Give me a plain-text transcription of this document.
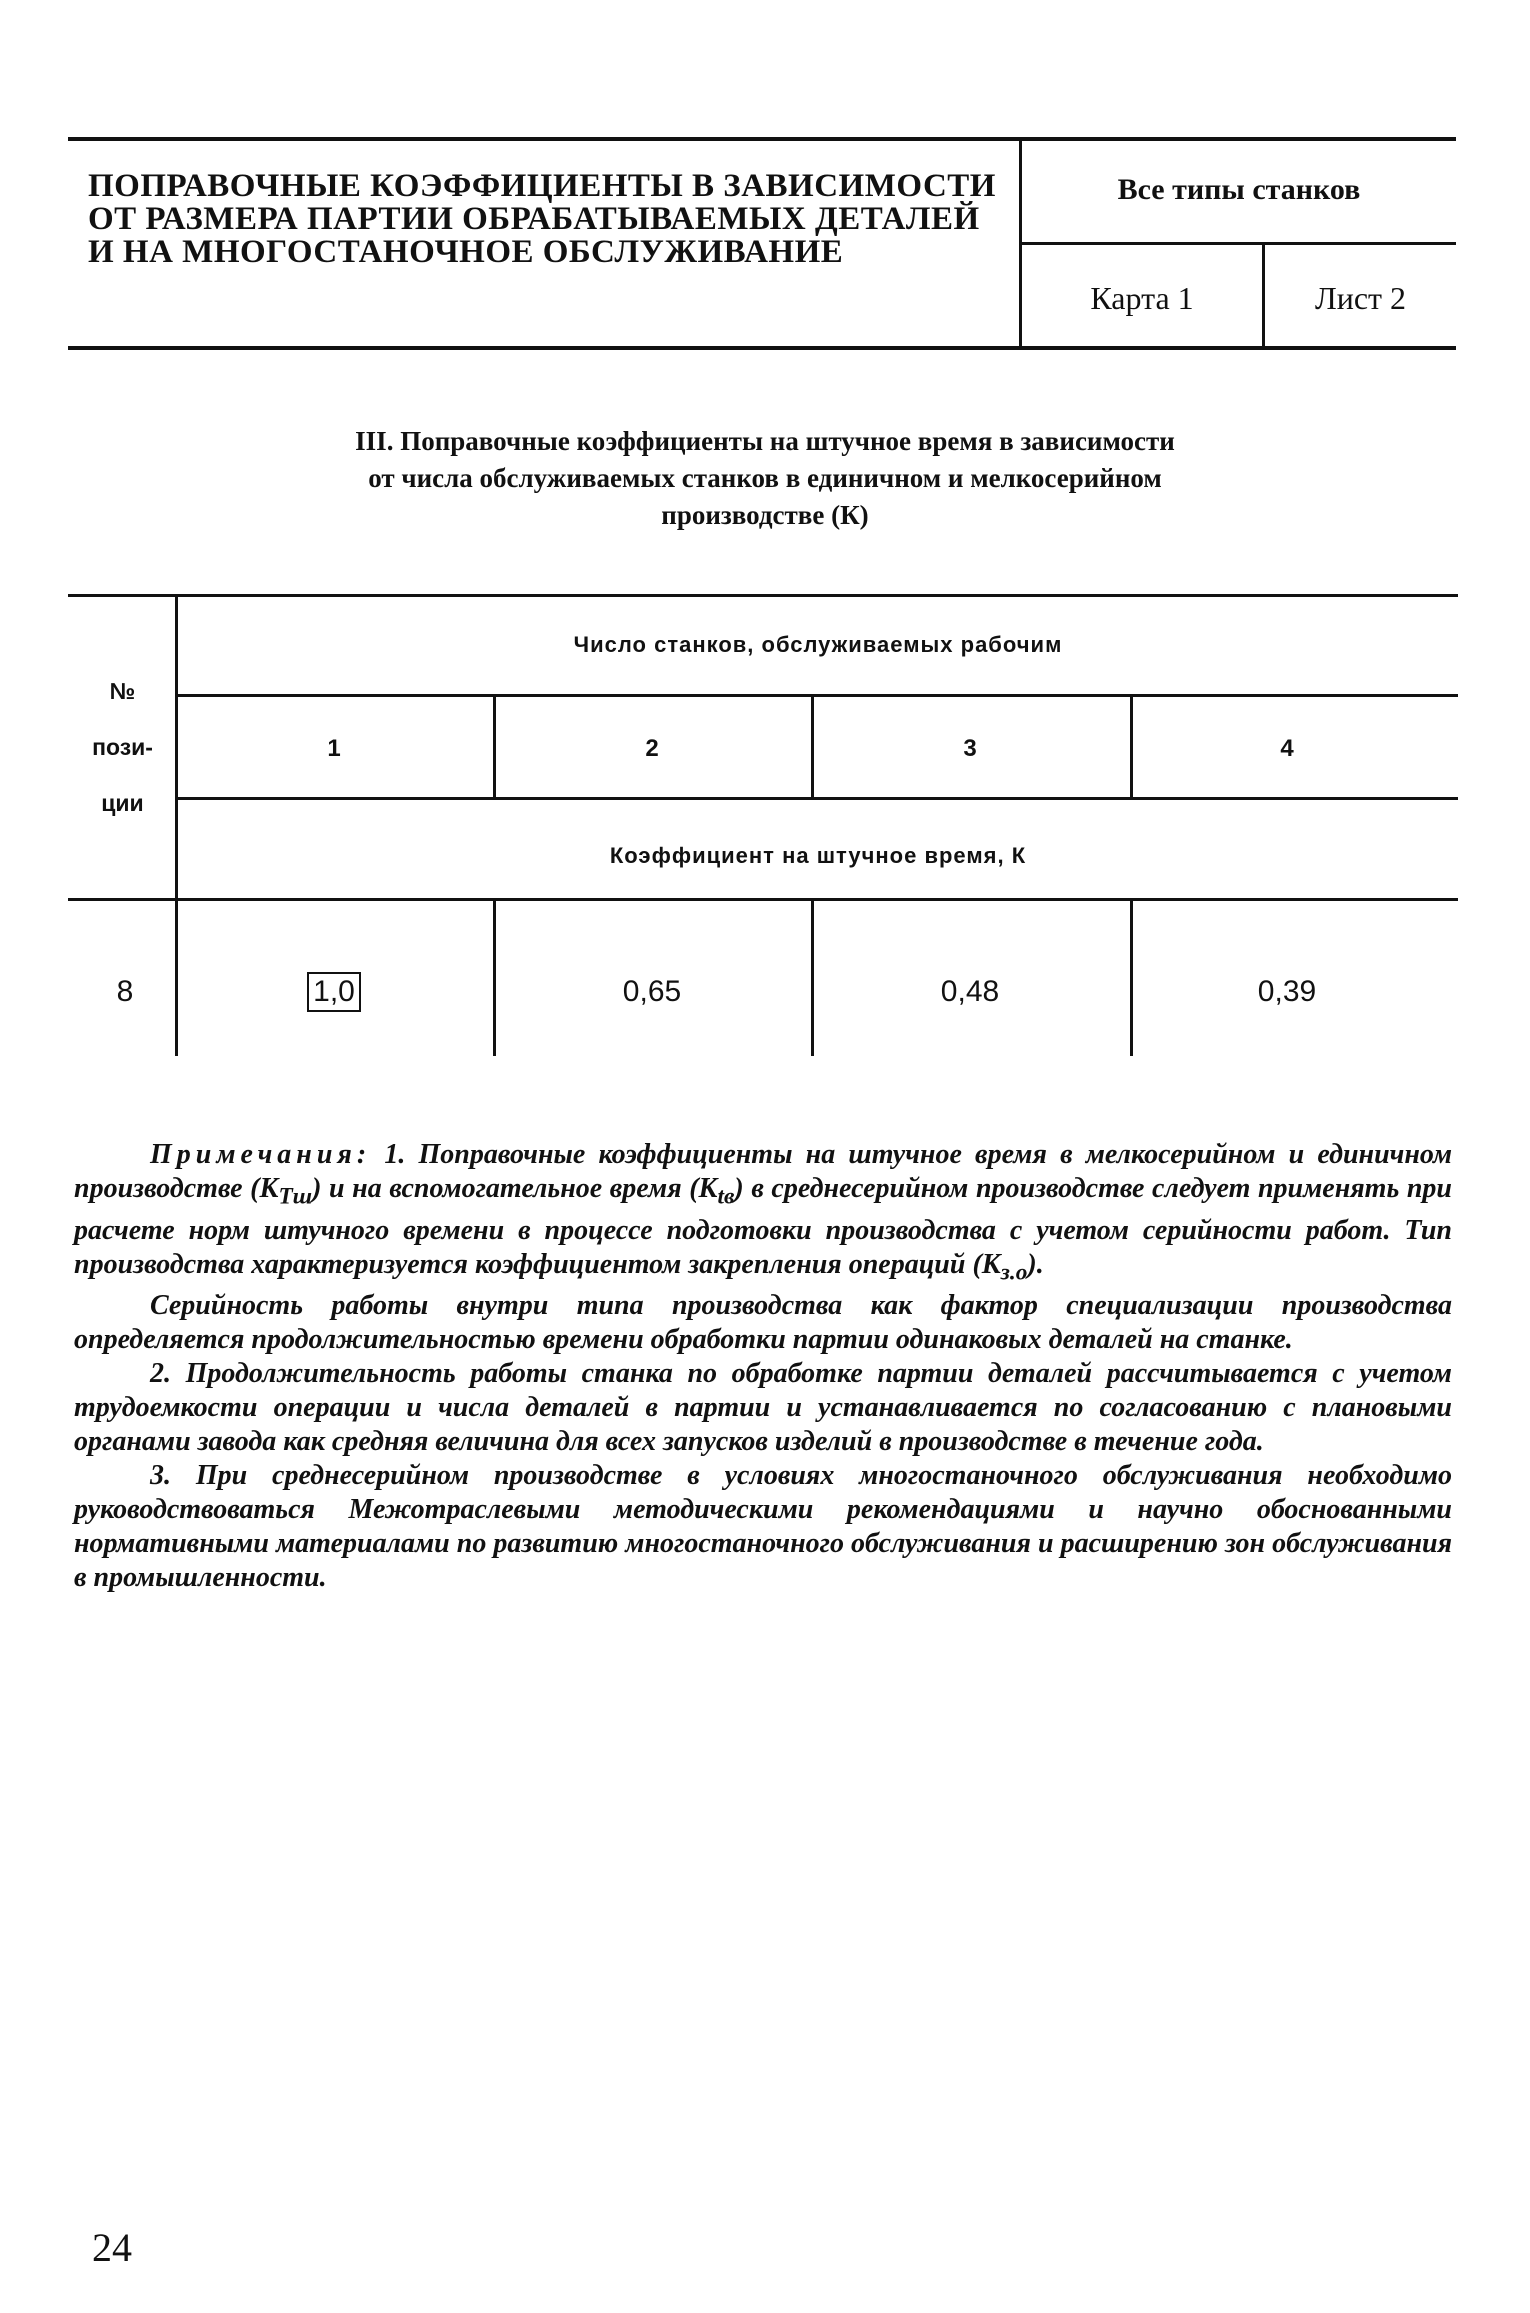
ПОПРАВОЧНЫЕ КОЭФФИЦИЕНТЫ В ЗАВИСИМОСТИ
ОТ РАЗМЕРА ПАРТИИ ОБРАБАТЫВАЕМЫХ ДЕТАЛЕЙ
И НА МНОГОСТАНОЧНОЕ ОБСЛУЖИВАНИЕ
Все типы станков
Карта 1	Лист 2
III. Поправочные коэффициенты на штучное время в зависимости
от числа обслуживаемых станков в единичном и мелкосерийном
производстве (К)
№
пози-
ции
Число станков, обслуживаемых рабочим
1	2	3	4
Коэффициент на штучное время, К
8	1,0	0,65	0,48	0,39

Примечания: 1. Поправочные коэффициенты на штучное время в мелкосерийном и единичном производстве $(К_{Тш})$ и на вспомогательное время $(К_{tв})$ в среднесерийном производстве следует применять при расчете норм штучного времени в процессе подготовки производства с учетом серийности работ. Тип производства характеризуется коэффициентом закрепления операций $(К_{з.о})$.

Серийность работы внутри типа производства как фактор специализации производства определяется продолжительностью времени обработки партии одинаковых деталей на станке.

2. Продолжительность работы станка по обработке партии деталей рассчитывается с учетом трудоемкости операции и числа деталей в партии и устанавливается по согласованию с плановыми органами завода как средняя величина для всех запусков изделий в производстве в течение года.

3. При среднесерийном производстве в условиях многостаночного обслуживания необходимо руководствоваться Межотраслевыми методическими рекомендациями и научно обоснованными нормативными материалами по развитию многостаночного обслуживания и расширению зон обслуживания в промышленности.

24
